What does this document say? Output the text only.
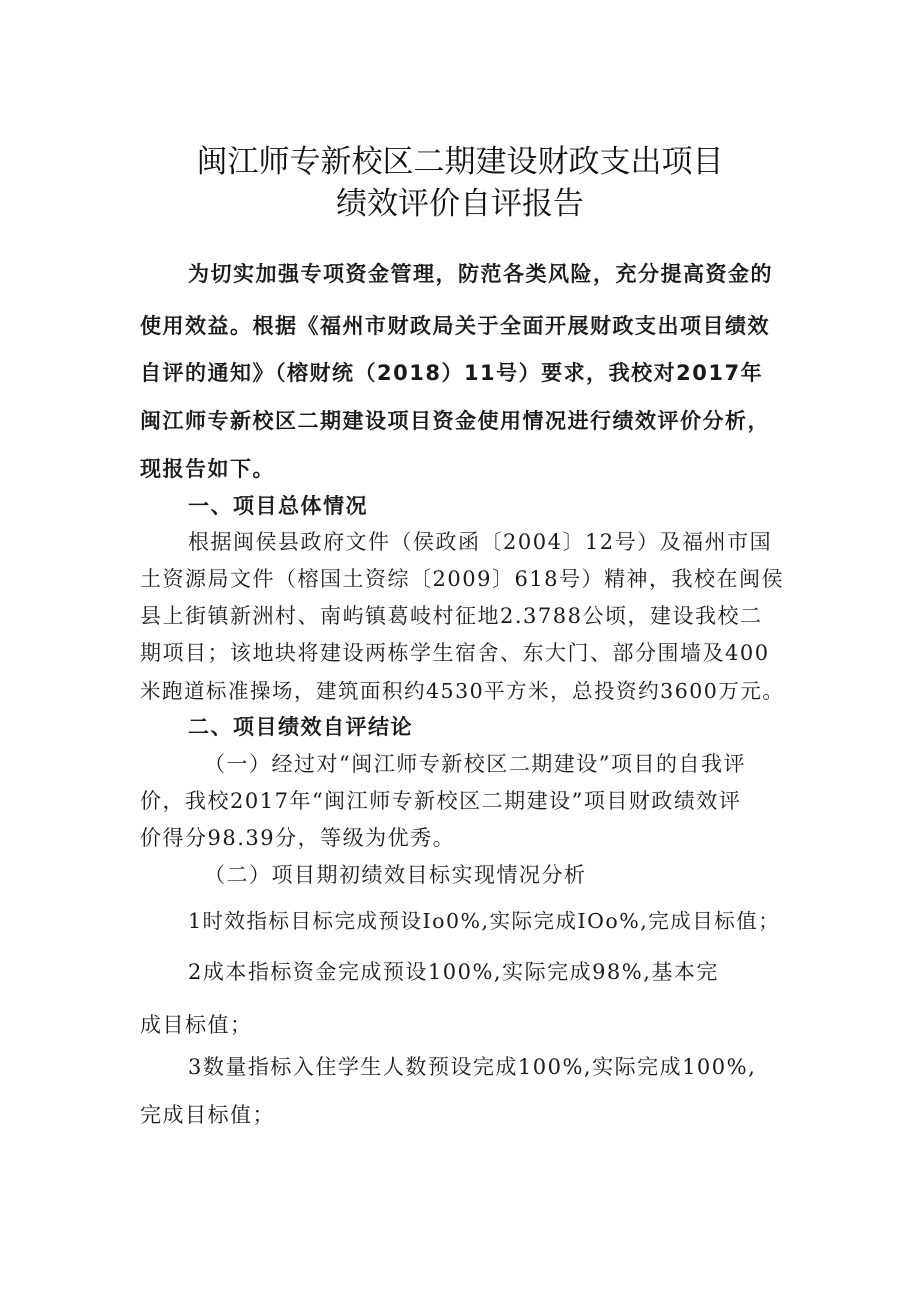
闽江师专新校区二期建设财政支出项目
绩效评价自评报告
为切实加强专项资金管理，防范各类风险，充分提高资金的
使用效益。根据《福州市财政局关于全面开展财政支出项目绩效
自评的通知》（榕财统（2018）11号）要求，我校对2017年
闽江师专新校区二期建设项目资金使用情况进行绩效评价分析，
现报告如下。
一、项目总体情况
根据闽侯县政府文件（侯政函〔2004〕12号）及福州市国
土资源局文件（榕国土资综〔2009〕618号）精神，我校在闽侯
县上街镇新洲村、南屿镇葛岐村征地2.3788公顷，建设我校二
期项目；该地块将建设两栋学生宿舍、东大门、部分围墙及400
米跑道标准操场，建筑面积约4530平方米，总投资约3600万元。
二、项目绩效自评结论
（一）经过对“闽江师专新校区二期建设”项目的自我评
价，我校2017年“闽江师专新校区二期建设”项目财政绩效评
价得分98.39分，等级为优秀。
（二）项目期初绩效目标实现情况分析
1时效指标目标完成预设Io0%,实际完成IOo%,完成目标值；
2成本指标资金完成预设100%,实际完成98%,基本完
成目标值；
3数量指标入住学生人数预设完成100%,实际完成100%,
完成目标值；
